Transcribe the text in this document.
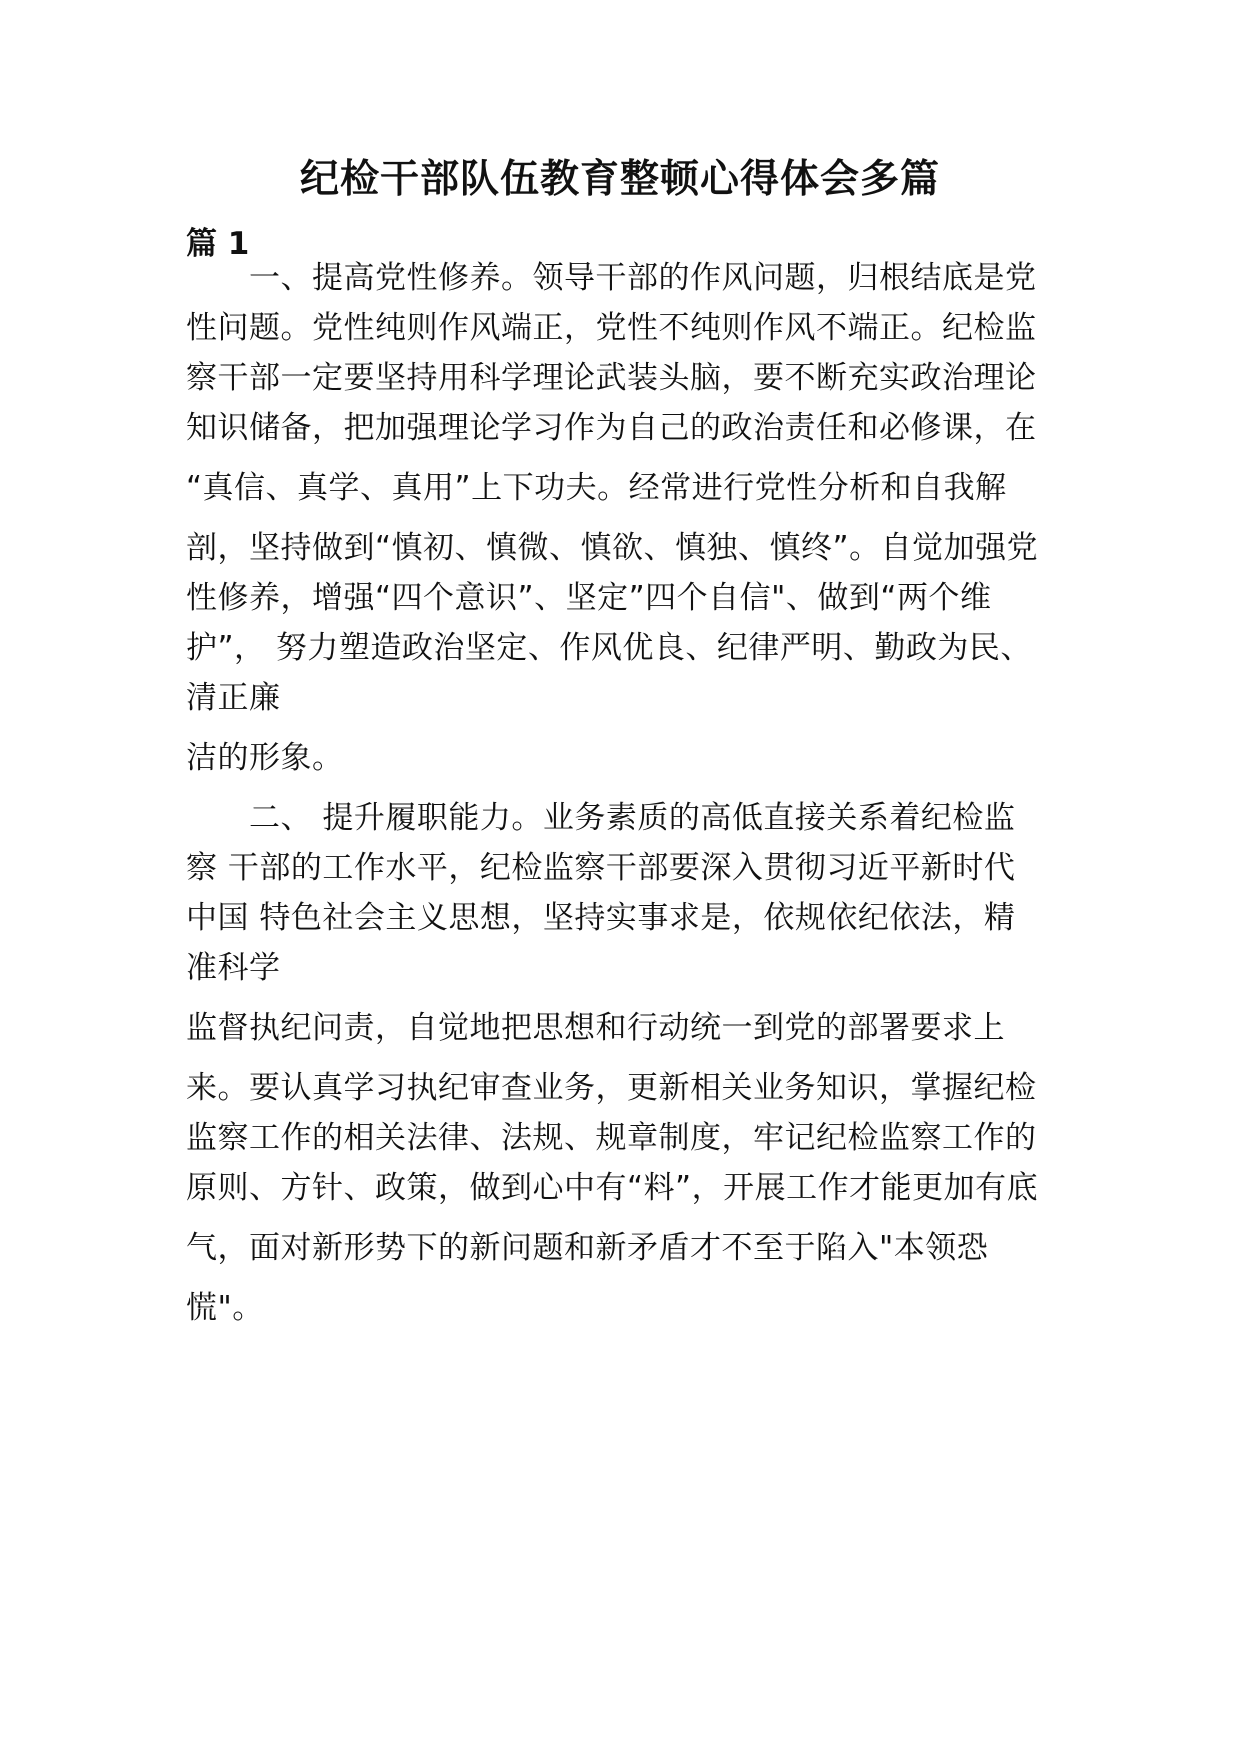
纪检干部队伍教育整顿心得体会多篇
篇 1
　　一、提高党性修养。领导干部的作风问题，归根结底是党
性问题。党性纯则作风端正，党性不纯则作风不端正。纪检监
察干部一定要坚持用科学理论武装头脑，要不断充实政治理论
知识储备，把加强理论学习作为自己的政治责任和必修课，在
“真信、真学、真用”上下功夫。经常进行党性分析和自我解
剖，坚持做到“慎初、慎微、慎欲、慎独、慎终”。自觉加强党
性修养，增强“四个意识”、坚定”四个自信"、做到“两个维
护”， 努力塑造政治坚定、作风优良、纪律严明、勤政为民、
清正廉
洁的形象。
　　二、 提升履职能力。业务素质的高低直接关系着纪检监
察 干部的工作水平，纪检监察干部要深入贯彻习近平新时代
中国 特色社会主义思想，坚持实事求是，依规依纪依法，精
准科学
监督执纪问责，自觉地把思想和行动统一到党的部署要求上
来。要认真学习执纪审查业务，更新相关业务知识，掌握纪检
监察工作的相关法律、法规、规章制度，牢记纪检监察工作的
原则、方针、政策，做到心中有“料”，开展工作才能更加有底
气，面对新形势下的新问题和新矛盾才不至于陷入"本领恐
慌"。
